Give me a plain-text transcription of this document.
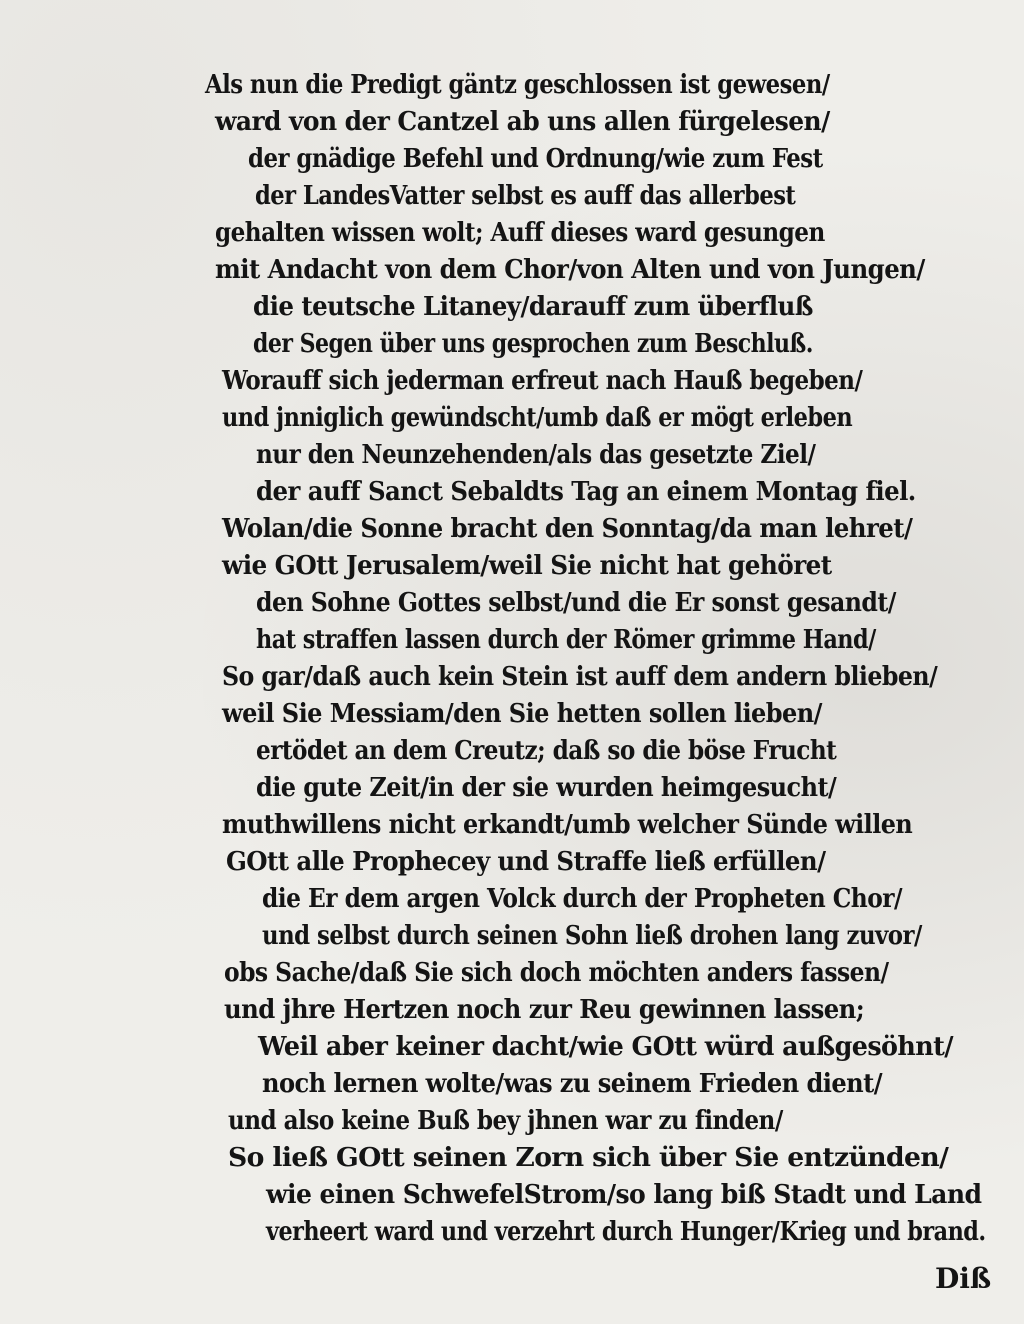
Als nun die Predigt gäntz geschlossen ist gewesen/
ward von der Cantzel ab uns allen fürgelesen/
der gnädige Befehl und Ordnung/wie zum Fest
der LandesVatter selbst es auff das allerbest
gehalten wissen wolt; Auff dieses ward gesungen
mit Andacht von dem Chor/von Alten und von Jungen/
die teutsche Litaney/darauff zum überfluß
der Segen über uns gesprochen zum Beschluß.
Worauff sich jederman erfreut nach Hauß begeben/
und jnniglich gewündscht/umb daß er mögt erleben
nur den Neunzehenden/als das gesetzte Ziel/
der auff Sanct Sebaldts Tag an einem Montag fiel.
Wolan/die Sonne bracht den Sonntag/da man lehret/
wie GOtt Jerusalem/weil Sie nicht hat gehöret
den Sohne Gottes selbst/und die Er sonst gesandt/
hat straffen lassen durch der Römer grimme Hand/
So gar/daß auch kein Stein ist auff dem andern blieben/
weil Sie Messiam/den Sie hetten sollen lieben/
ertödet an dem Creutz; daß so die böse Frucht
die gute Zeit/in der sie wurden heimgesucht/
muthwillens nicht erkandt/umb welcher Sünde willen
GOtt alle Prophecey und Straffe ließ erfüllen/
die Er dem argen Volck durch der Propheten Chor/
und selbst durch seinen Sohn ließ drohen lang zuvor/
obs Sache/daß Sie sich doch möchten anders fassen/
und jhre Hertzen noch zur Reu gewinnen lassen;
Weil aber keiner dacht/wie GOtt würd außgesöhnt/
noch lernen wolte/was zu seinem Frieden dient/
und also keine Buß bey jhnen war zu finden/
So ließ GOtt seinen Zorn sich über Sie entzünden/
wie einen SchwefelStrom/so lang biß Stadt und Land
verheert ward und verzehrt durch Hunger/Krieg und brand.
Diß
